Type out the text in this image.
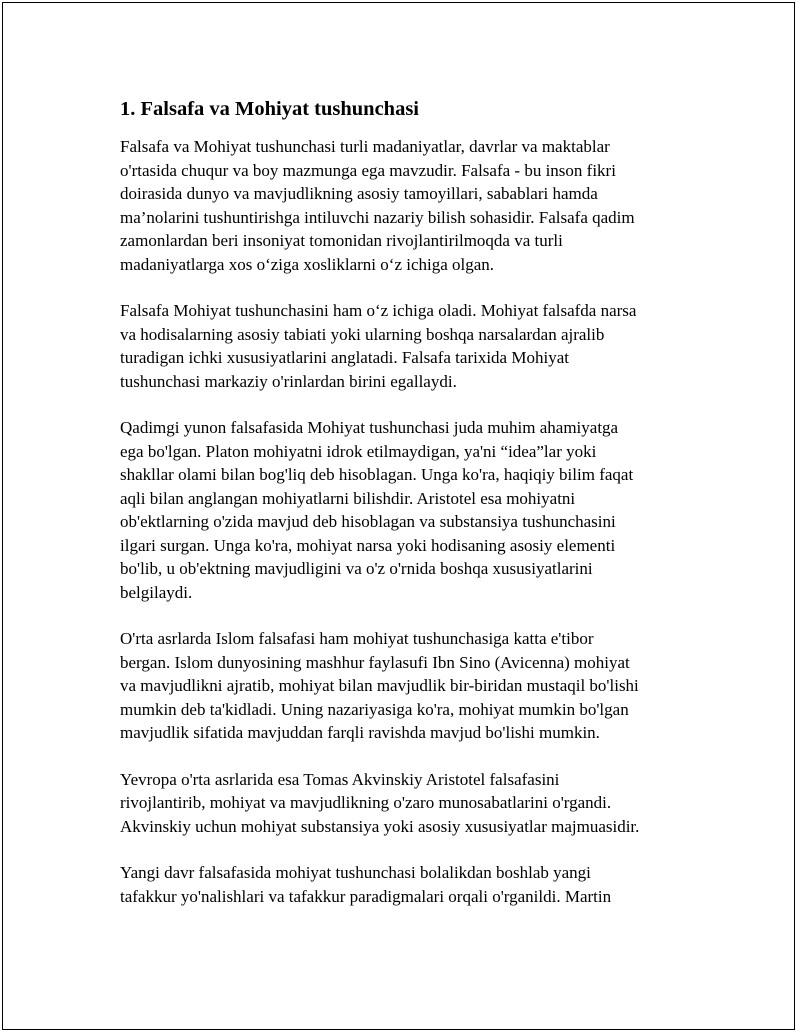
1. Falsafa va Mohiyat tushunchasi

Falsafa va Mohiyat tushunchasi turli madaniyatlar, davrlar va maktablar
o'rtasida chuqur va boy mazmunga ega mavzudir. Falsafa - bu inson fikri
doirasida dunyo va mavjudlikning asosiy tamoyillari, sabablari hamda
ma’nolarini tushuntirishga intiluvchi nazariy bilish sohasidir. Falsafa qadim
zamonlardan beri insoniyat tomonidan rivojlantirilmoqda va turli
madaniyatlarga xos o‘ziga xosliklarni o‘z ichiga olgan.

Falsafa Mohiyat tushunchasini ham o‘z ichiga oladi. Mohiyat falsafda narsa
va hodisalarning asosiy tabiati yoki ularning boshqa narsalardan ajralib
turadigan ichki xususiyatlarini anglatadi. Falsafa tarixida Mohiyat
tushunchasi markaziy o'rinlardan birini egallaydi.

Qadimgi yunon falsafasida Mohiyat tushunchasi juda muhim ahamiyatga
ega bo'lgan. Platon mohiyatni idrok etilmaydigan, ya'ni “idea”lar yoki
shakllar olami bilan bog'liq deb hisoblagan. Unga ko'ra, haqiqiy bilim faqat
aqli bilan anglangan mohiyatlarni bilishdir. Aristotel esa mohiyatni
ob'ektlarning o'zida mavjud deb hisoblagan va substansiya tushunchasini
ilgari surgan. Unga ko'ra, mohiyat narsa yoki hodisaning asosiy elementi
bo'lib, u ob'ektning mavjudligini va o'z o'rnida boshqa xususiyatlarini
belgilaydi.

O'rta asrlarda Islom falsafasi ham mohiyat tushunchasiga katta e'tibor
bergan. Islom dunyosining mashhur faylasufi Ibn Sino (Avicenna) mohiyat
va mavjudlikni ajratib, mohiyat bilan mavjudlik bir-biridan mustaqil bo'lishi
mumkin deb ta'kidladi. Uning nazariyasiga ko'ra, mohiyat mumkin bo'lgan
mavjudlik sifatida mavjuddan farqli ravishda mavjud bo'lishi mumkin.

Yevropa o'rta asrlarida esa Tomas Akvinskiy Aristotel falsafasini
rivojlantirib, mohiyat va mavjudlikning o'zaro munosabatlarini o'rgandi.
Akvinskiy uchun mohiyat substansiya yoki asosiy xususiyatlar majmuasidir.

Yangi davr falsafasida mohiyat tushunchasi bolalikdan boshlab yangi
tafakkur yo'nalishlari va tafakkur paradigmalari orqali o'rganildi. Martin
